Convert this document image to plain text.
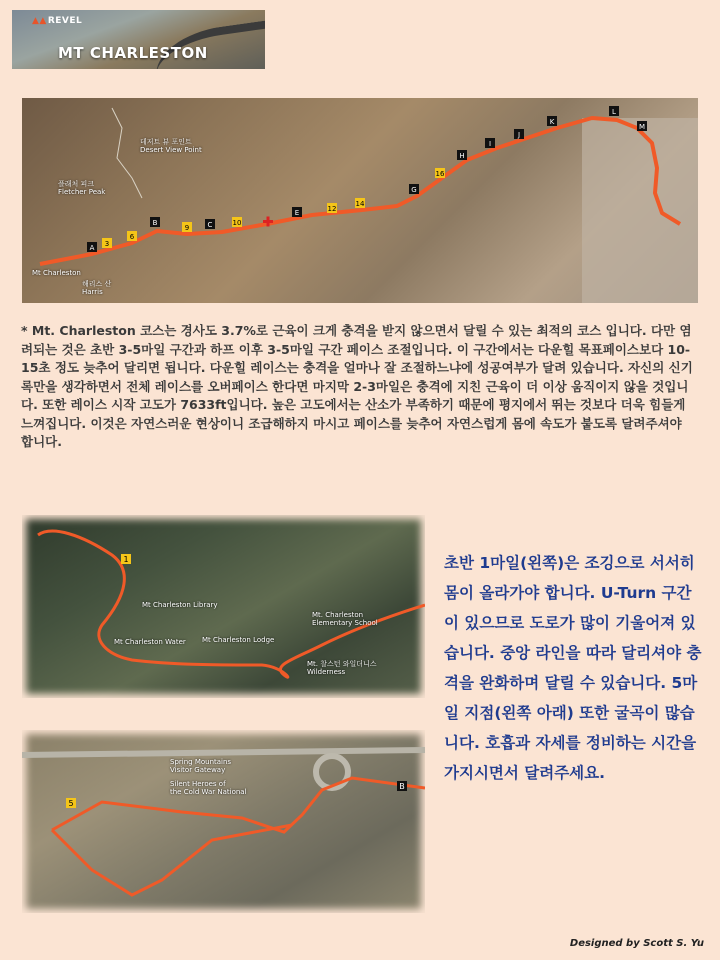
▲▲REVEL
MT CHARLESTON
A 3
B
6
C
9
10
E	12
14
G
16
H
I
J
K
L
M
데저트 뷰 포인트
Desert View Point
플래처 피크
Fletcher Peak
Mt Charleston
해리스 산
Harris

* Mt. Charleston 코스는 경사도 3.7%로 근육이 크게 충격을 받지 않으면서 달릴 수 있는 최적의 코스 입니다. 다만 염려되는 것은 초반 3-5마일 구간과 하프 이후 3-5마일 구간 페이스 조절입니다. 이 구간에서는 다운힐 목표페이스보다 10-15초 정도 늦추어 달리면 됩니다. 다운힐 레이스는 충격을 얼마나 잘 조절하느냐에 성공여부가 달려 있습니다. 자신의 신기록만을 생각하면서 전체 레이스를 오버페이스 한다면 마지막 2-3마일은 충격에 지친 근육이 더 이상 움직이지 않을 것입니다. 또한 레이스 시작 고도가 7633ft입니다. 높은 고도에서는 산소가 부족하기 때문에 평지에서 뛰는 것보다 더욱 힘들게 느껴집니다. 이것은 자연스러운 현상이니 조급해하지 마시고 페이스를 늦추어 자연스럽게 몸에 속도가 붙도록 달려주셔야 합니다.

1
Mt Charleston Library
Mt. Charleston
Elementary School
Mt Charleston Water Mt Charleston Lodge
Mt. 찰스턴 와일더니스
Wilderness
5
B
Spring Mountains
Visitor Gateway
Silent Heroes of
the Cold War National

초반 1마일(왼쪽)은 조깅으로 서서히 몸이 올라가야 합니다. U-Turn 구간이 있으므로 도로가 많이 기울어져 있습니다. 중앙 라인을 따라 달리셔야 충격을 완화하며 달릴 수 있습니다. 5마일 지점(왼쪽 아래) 또한 굴곡이 많습니다. 호흡과 자세를 정비하는 시간을 가지시면서 달려주세요.

Designed by Scott S. Yu
